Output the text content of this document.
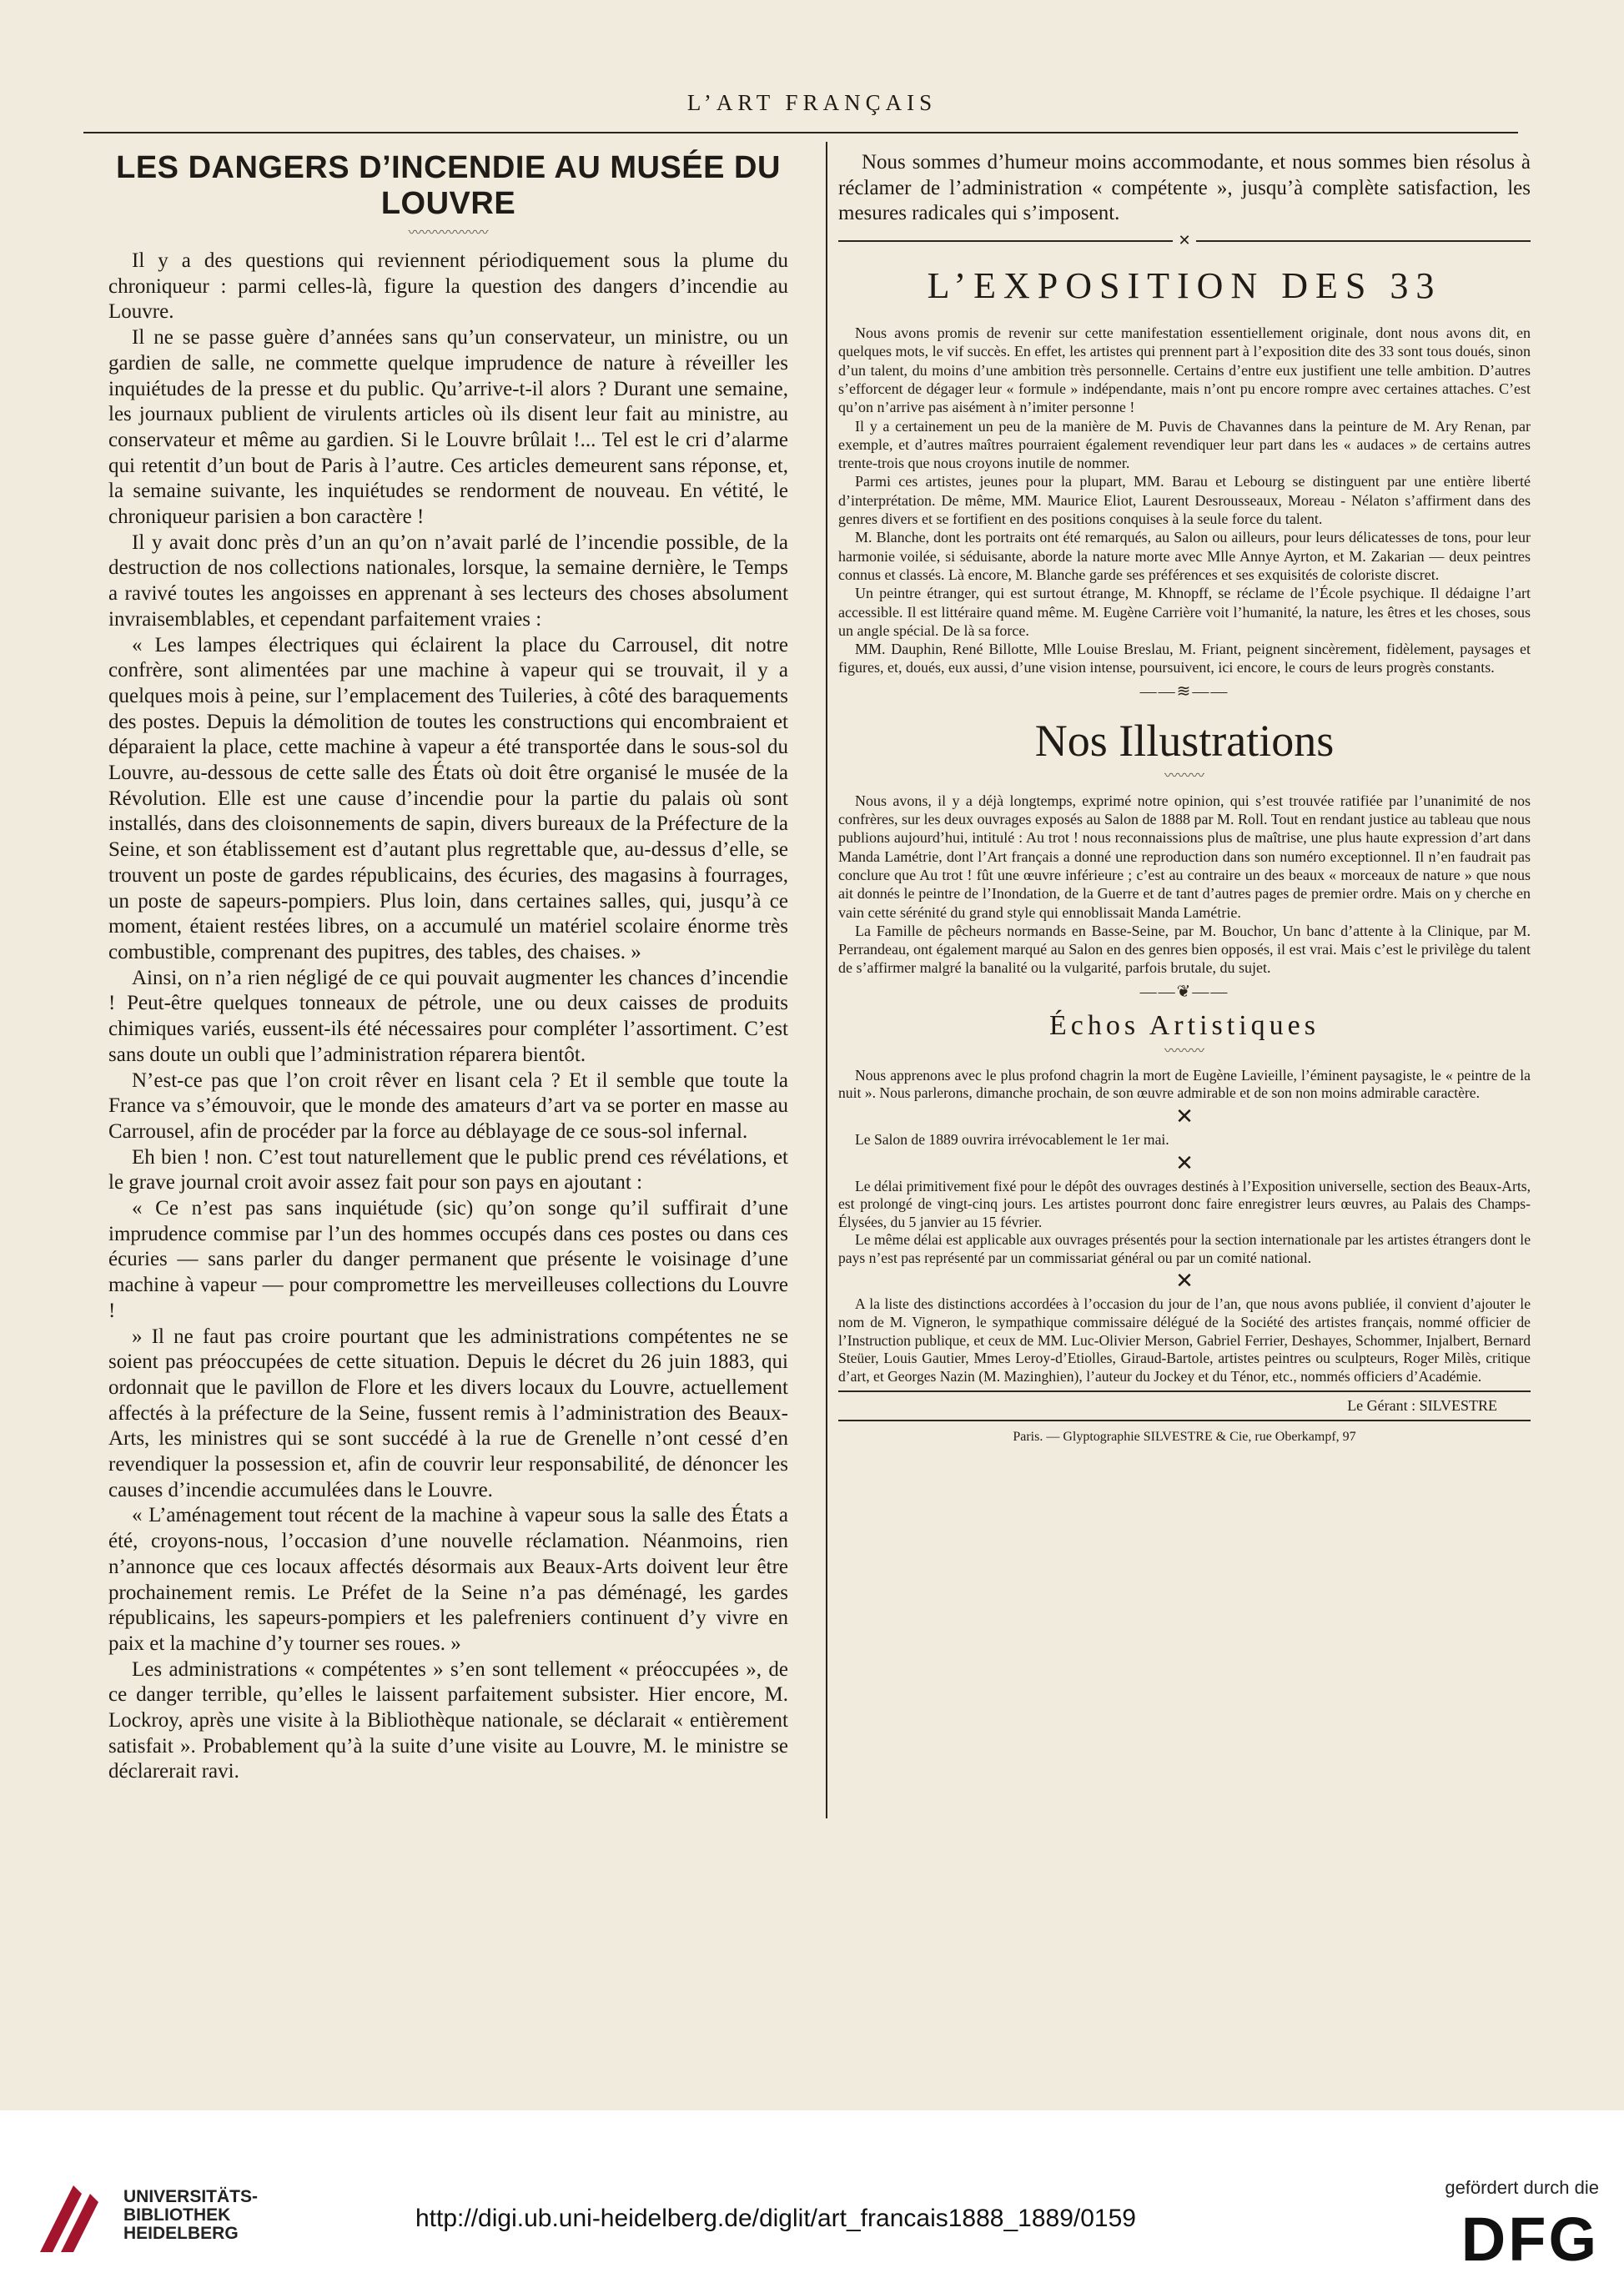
L’ART FRANÇAIS
LES DANGERS D’INCENDIE AU MUSÉE DU LOUVRE
〰〰〰〰〰〰

Il y a des questions qui reviennent périodiquement sous la plume du chroniqueur : parmi celles-là, figure la question des dangers d’incendie au Louvre.

Il ne se passe guère d’années sans qu’un conservateur, un ministre, ou un gardien de salle, ne commette quelque imprudence de nature à réveiller les inquiétudes de la presse et du public. Qu’arrive-t-il alors ? Durant une semaine, les journaux publient de virulents articles où ils disent leur fait au ministre, au conservateur et même au gardien. Si le Louvre brûlait !... Tel est le cri d’alarme qui retentit d’un bout de Paris à l’autre. Ces articles demeurent sans réponse, et, la semaine suivante, les inquiétudes se rendorment de nouveau. En vétité, le chroniqueur parisien a bon caractère !

Il y avait donc près d’un an qu’on n’avait parlé de l’incendie possible, de la destruction de nos collections nationales, lorsque, la semaine dernière, le Temps a ravivé toutes les angoisses en apprenant à ses lecteurs des choses absolument invraisemblables, et cependant parfaitement vraies :

« Les lampes électriques qui éclairent la place du Carrousel, dit notre confrère, sont alimentées par une machine à vapeur qui se trouvait, il y a quelques mois à peine, sur l’emplacement des Tuileries, à côté des baraquements des postes. Depuis la démolition de toutes les constructions qui encombraient et déparaient la place, cette machine à vapeur a été transportée dans le sous-sol du Louvre, au-dessous de cette salle des États où doit être organisé le musée de la Révolution. Elle est une cause d’incendie pour la partie du palais où sont installés, dans des cloisonnements de sapin, divers bureaux de la Préfecture de la Seine, et son établissement est d’autant plus regrettable que, au-dessus d’elle, se trouvent un poste de gardes républicains, des écuries, des magasins à fourrages, un poste de sapeurs-pompiers. Plus loin, dans certaines salles, qui, jusqu’à ce moment, étaient restées libres, on a accumulé un matériel scolaire énorme très combustible, comprenant des pupitres, des tables, des chaises. »

Ainsi, on n’a rien négligé de ce qui pouvait augmenter les chances d’incendie ! Peut-être quelques tonneaux de pétrole, une ou deux caisses de produits chimiques variés, eussent-ils été nécessaires pour compléter l’assortiment. C’est sans doute un oubli que l’administration réparera bientôt.

N’est-ce pas que l’on croit rêver en lisant cela ? Et il semble que toute la France va s’émouvoir, que le monde des amateurs d’art va se porter en masse au Carrousel, afin de procéder par la force au déblayage de ce sous-sol infernal.

Eh bien ! non. C’est tout naturellement que le public prend ces révélations, et le grave journal croit avoir assez fait pour son pays en ajoutant :

« Ce n’est pas sans inquiétude (sic) qu’on songe qu’il suffirait d’une imprudence commise par l’un des hommes occupés dans ces postes ou dans ces écuries — sans parler du danger permanent que présente le voisinage d’une machine à vapeur — pour compromettre les merveilleuses collections du Louvre !

» Il ne faut pas croire pourtant que les administrations compétentes ne se soient pas préoccupées de cette situation. Depuis le décret du 26 juin 1883, qui ordonnait que le pavillon de Flore et les divers locaux du Louvre, actuellement affectés à la préfecture de la Seine, fussent remis à l’administration des Beaux-Arts, les ministres qui se sont succédé à la rue de Grenelle n’ont cessé d’en revendiquer la possession et, afin de couvrir leur responsabilité, de dénoncer les causes d’incendie accumulées dans le Louvre.

« L’aménagement tout récent de la machine à vapeur sous la salle des États a été, croyons-nous, l’occasion d’une nouvelle réclamation. Néanmoins, rien n’annonce que ces locaux affectés désormais aux Beaux-Arts doivent leur être prochainement remis. Le Préfet de la Seine n’a pas déménagé, les gardes républicains, les sapeurs-pompiers et les palefreniers continuent d’y vivre en paix et la machine d’y tourner ses roues. »

Les administrations « compétentes » s’en sont tellement « préoccupées », de ce danger terrible, qu’elles le laissent parfaitement subsister. Hier encore, M. Lockroy, après une visite à la Bibliothèque nationale, se déclarait « entièrement satisfait ». Probablement qu’à la suite d’une visite au Louvre, M. le ministre se déclarerait ravi.

Nous sommes d’humeur moins accommodante, et nous sommes bien résolus à réclamer de l’administration « compétente », jusqu’à complète satisfaction, les mesures radicales qui s’imposent.

✕
L’EXPOSITION DES 33

Nous avons promis de revenir sur cette manifestation essentiellement originale, dont nous avons dit, en quelques mots, le vif succès. En effet, les artistes qui prennent part à l’exposition dite des 33 sont tous doués, sinon d’un talent, du moins d’une ambition très personnelle. Certains d’entre eux justifient une telle ambition. D’autres s’efforcent de dégager leur « formule » indépendante, mais n’ont pu encore rompre avec certaines attaches. C’est qu’on n’arrive pas aisément à n’imiter personne !

Il y a certainement un peu de la manière de M. Puvis de Chavannes dans la peinture de M. Ary Renan, par exemple, et d’autres maîtres pourraient également revendiquer leur part dans les « audaces » de certains autres trente-trois que nous croyons inutile de nommer.

Parmi ces artistes, jeunes pour la plupart, MM. Barau et Lebourg se distinguent par une entière liberté d’interprétation. De même, MM. Maurice Eliot, Laurent Desrousseaux, Moreau - Nélaton s’affirment dans des genres divers et se fortifient en des positions conquises à la seule force du talent.

M. Blanche, dont les portraits ont été remarqués, au Salon ou ailleurs, pour leurs délicatesses de tons, pour leur harmonie voilée, si séduisante, aborde la nature morte avec Mlle Annye Ayrton, et M. Zakarian — deux peintres connus et classés. Là encore, M. Blanche garde ses préférences et ses exquisités de coloriste discret.

Un peintre étranger, qui est surtout étrange, M. Khnopff, se réclame de l’École psychique. Il dédaigne l’art accessible. Il est littéraire quand même. M. Eugène Carrière voit l’humanité, la nature, les êtres et les choses, sous un angle spécial. De là sa force.

MM. Dauphin, René Billotte, Mlle Louise Breslau, M. Friant, peignent sincèrement, fidèlement, paysages et figures, et, doués, eux aussi, d’une vision intense, poursuivent, ici encore, le cours de leurs progrès constants.

——≋——
Nos Illustrations
〰〰〰

Nous avons, il y a déjà longtemps, exprimé notre opinion, qui s’est trouvée ratifiée par l’unanimité de nos confrères, sur les deux ouvrages exposés au Salon de 1888 par M. Roll. Tout en rendant justice au tableau que nous publions aujourd’hui, intitulé : Au trot ! nous reconnaissions plus de maîtrise, une plus haute expression d’art dans Manda Lamétrie, dont l’Art français a donné une reproduction dans son numéro exceptionnel. Il n’en faudrait pas conclure que Au trot ! fût une œuvre inférieure ; c’est au contraire un des beaux « morceaux de nature » que nous ait donnés le peintre de l’Inondation, de la Guerre et de tant d’autres pages de premier ordre. Mais on y cherche en vain cette sérénité du grand style qui ennoblissait Manda Lamétrie.

La Famille de pêcheurs normands en Basse-Seine, par M. Bouchor, Un banc d’attente à la Clinique, par M. Perrandeau, ont également marqué au Salon en des genres bien opposés, il est vrai. Mais c’est le privilège du talent de s’affirmer malgré la banalité ou la vulgarité, parfois brutale, du sujet.

——❦——
Échos Artistiques
〰〰〰

Nous apprenons avec le plus profond chagrin la mort de Eugène Lavieille, l’éminent paysagiste, le « peintre de la nuit ». Nous parlerons, dimanche prochain, de son œuvre admirable et de son non moins admirable caractère.

✕

Le Salon de 1889 ouvrira irrévocablement le 1er mai.

✕

Le délai primitivement fixé pour le dépôt des ouvrages destinés à l’Exposition universelle, section des Beaux-Arts, est prolongé de vingt-cinq jours. Les artistes pourront donc faire enregistrer leurs œuvres, au Palais des Champs-Élysées, du 5 janvier au 15 février.

Le même délai est applicable aux ouvrages présentés pour la section internationale par les artistes étrangers dont le pays n’est pas représenté par un commissariat général ou par un comité national.

✕

A la liste des distinctions accordées à l’occasion du jour de l’an, que nous avons publiée, il convient d’ajouter le nom de M. Vigneron, le sympathique commissaire délégué de la Société des artistes français, nommé officier de l’Instruction publique, et ceux de MM. Luc-Olivier Merson, Gabriel Ferrier, Deshayes, Schommer, Injalbert, Bernard Steüer, Louis Gautier, Mmes Leroy-d’Etiolles, Giraud-Bartole, artistes peintres ou sculpteurs, Roger Milès, critique d’art, et Georges Nazin (M. Mazinghien), l’auteur du Jockey et du Ténor, etc., nommés officiers d’Académie.

Le Gérant : SILVESTRE
Paris. — Glyptographie SILVESTRE & Cie, rue Oberkampf, 97
UNIVERSITÄTS-
BIBLIOTHEK
HEIDELBERG
http://digi.ub.uni-heidelberg.de/diglit/art_francais1888_1889/0159
gefördert durch die
DFG
